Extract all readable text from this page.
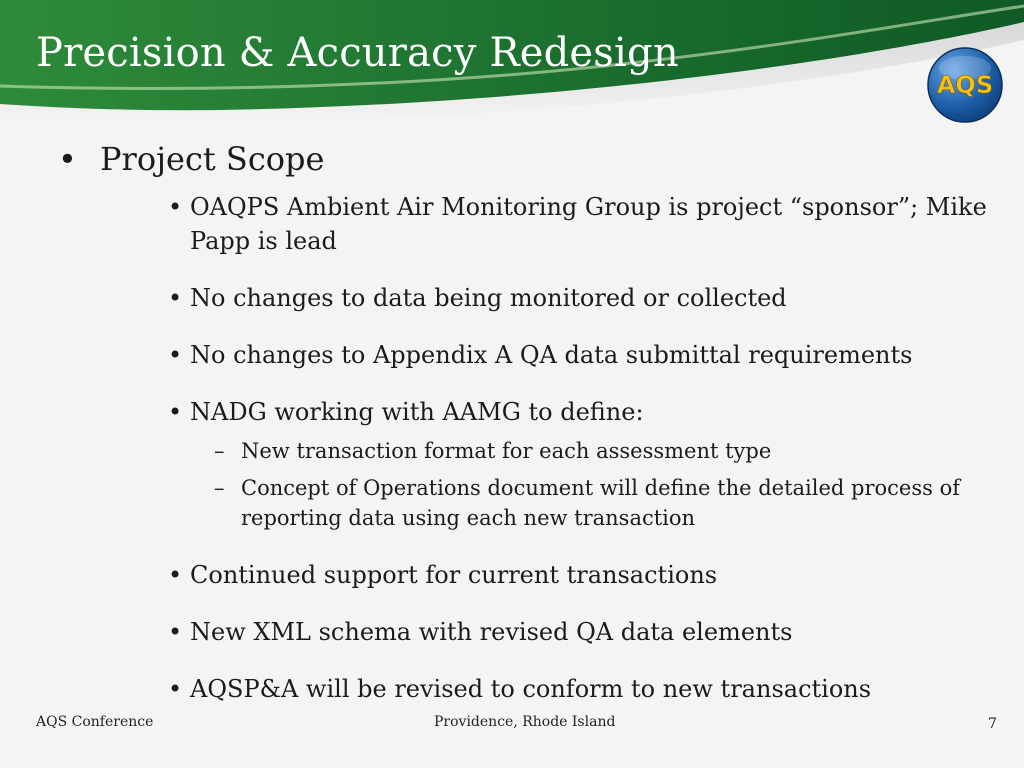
Precision & Accuracy Redesign
AQS
• Project Scope
• OAQPS Ambient Air Monitoring Group is project “sponsor”; Mike Papp is lead
• No changes to data being monitored or collected
• No changes to Appendix A QA data submittal requirements
• NADG working with AAMG to define:
– New transaction format for each assessment type
– Concept of Operations document will define the detailed process of reporting data using each new transaction
• Continued support for current transactions
• New XML schema with revised QA data elements
• AQSP&A will be revised to conform to new transactions
AQS Conference	Providence, Rhode Island	7
